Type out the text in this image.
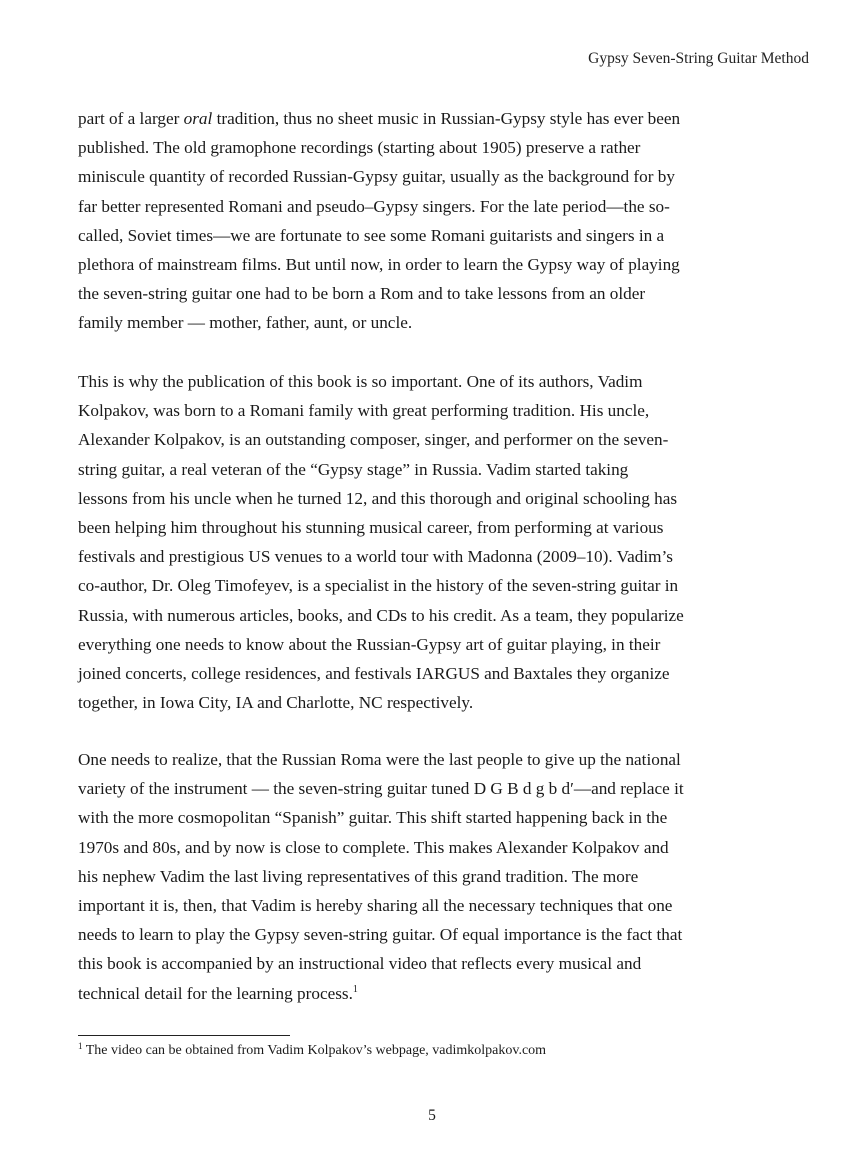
Gypsy Seven-String Guitar Method
part of a larger oral tradition, thus no sheet music in Russian-Gypsy style has ever been
published. The old gramophone recordings (starting about 1905) preserve a rather
miniscule quantity of recorded Russian-Gypsy guitar, usually as the background for by
far better represented Romani and pseudo–Gypsy singers. For the late period—the so-
called, Soviet times—we are fortunate to see some Romani guitarists and singers in a
plethora of mainstream films. But until now, in order to learn the Gypsy way of playing
the seven-string guitar one had to be born a Rom and to take lessons from an older
family member — mother, father, aunt, or uncle.
This is why the publication of this book is so important. One of its authors, Vadim
Kolpakov, was born to a Romani family with great performing tradition. His uncle,
Alexander Kolpakov, is an outstanding composer, singer, and performer on the seven-
string guitar, a real veteran of the “Gypsy stage” in Russia. Vadim started taking
lessons from his uncle when he turned 12, and this thorough and original schooling has
been helping him throughout his stunning musical career, from performing at various
festivals and prestigious US venues to a world tour with Madonna (2009–10). Vadim’s
co-author, Dr. Oleg Timofeyev, is a specialist in the history of the seven-string guitar in
Russia, with numerous articles, books, and CDs to his credit. As a team, they popularize
everything one needs to know about the Russian-Gypsy art of guitar playing, in their
joined concerts, college residences, and festivals IARGUS and Baxtales they organize
together, in Iowa City, IA and Charlotte, NC respectively.
One needs to realize, that the Russian Roma were the last people to give up the national
variety of the instrument — the seven-string guitar tuned D G B d g b d′—and replace it
with the more cosmopolitan “Spanish” guitar. This shift started happening back in the
1970s and 80s, and by now is close to complete. This makes Alexander Kolpakov and
his nephew Vadim the last living representatives of this grand tradition. The more
important it is, then, that Vadim is hereby sharing all the necessary techniques that one
needs to learn to play the Gypsy seven-string guitar. Of equal importance is the fact that
this book is accompanied by an instructional video that reflects every musical and
technical detail for the learning process.$^1$
$^1$ The video can be obtained from Vadim Kolpakov’s webpage, vadimkolpakov.com
5
